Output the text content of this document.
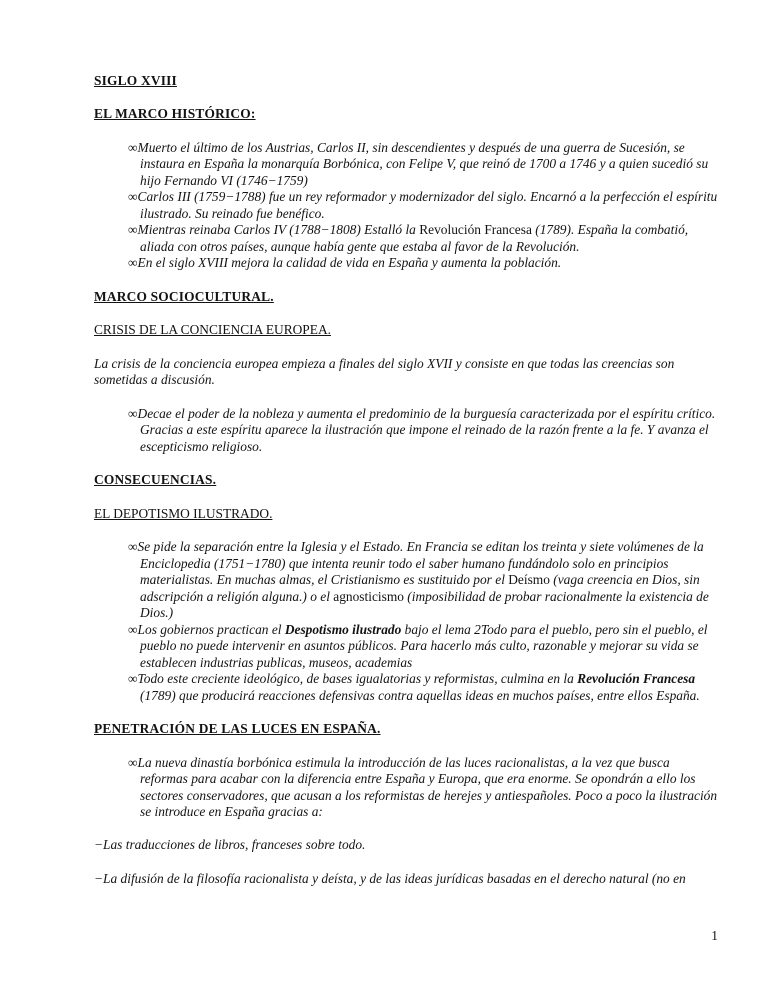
SIGLO XVIII
EL MARCO HISTÓRICO:
∞Muerto el último de los Austrias, Carlos II, sin descendientes y después de una guerra de Sucesión, se instaura en España la monarquía Borbónica, con Felipe V, que reinó de 1700 a 1746 y a quien sucedió su hijo Fernando VI (1746−1759)
∞Carlos III (1759−1788) fue un rey reformador y modernizador del siglo. Encarnó a la perfección el espíritu ilustrado. Su reinado fue benéfico.
∞Mientras reinaba Carlos IV (1788−1808) Estalló la Revolución Francesa (1789). España la combatió, aliada con otros países, aunque había gente que estaba al favor de la Revolución.
∞En el siglo XVIII mejora la calidad de vida en España y aumenta la población.
MARCO SOCIOCULTURAL.
CRISIS DE LA CONCIENCIA EUROPEA.
La crisis de la conciencia europea empieza a finales del siglo XVII y consiste en que todas las creencias son sometidas a discusión.
∞Decae el poder de la nobleza y aumenta el predominio de la burguesía caracterizada por el espíritu crítico. Gracias a este espíritu aparece la ilustración que impone el reinado de la razón frente a la fe. Y avanza el escepticismo religioso.
CONSECUENCIAS.
EL DEPOTISMO ILUSTRADO.
∞Se pide la separación entre la Iglesia y el Estado. En Francia se editan los treinta y siete volúmenes de la Enciclopedia (1751−1780) que intenta reunir todo el saber humano fundándolo solo en principios materialistas. En muchas almas, el Cristianismo es sustituido por el Deísmo (vaga creencia en Dios, sin adscripción a religión alguna.) o el agnosticismo (imposibilidad de probar racionalmente la existencia de Dios.)
∞Los gobiernos practican el Despotismo ilustrado bajo el lema 2Todo para el pueblo, pero sin el pueblo, el pueblo no puede intervenir en asuntos públicos. Para hacerlo más culto, razonable y mejorar su vida se establecen industrias publicas, museos, academias
∞Todo este creciente ideológico, de bases igualatorias y reformistas, culmina en la Revolución Francesa (1789) que producirá reacciones defensivas contra aquellas ideas en muchos países, entre ellos España.
PENETRACIÓN DE LAS LUCES EN ESPAÑA.
∞La nueva dinastía borbónica estimula la introducción de las luces racionalistas, a la vez que busca reformas para acabar con la diferencia entre España y Europa, que era enorme. Se opondrán a ello los sectores conservadores, que acusan a los reformistas de herejes y antiespañoles. Poco a poco la ilustración se introduce en España gracias a:
−Las traducciones de libros, franceses sobre todo.
−La difusión de la filosofía racionalista y deísta, y de las ideas jurídicas basadas en el derecho natural (no en
1
